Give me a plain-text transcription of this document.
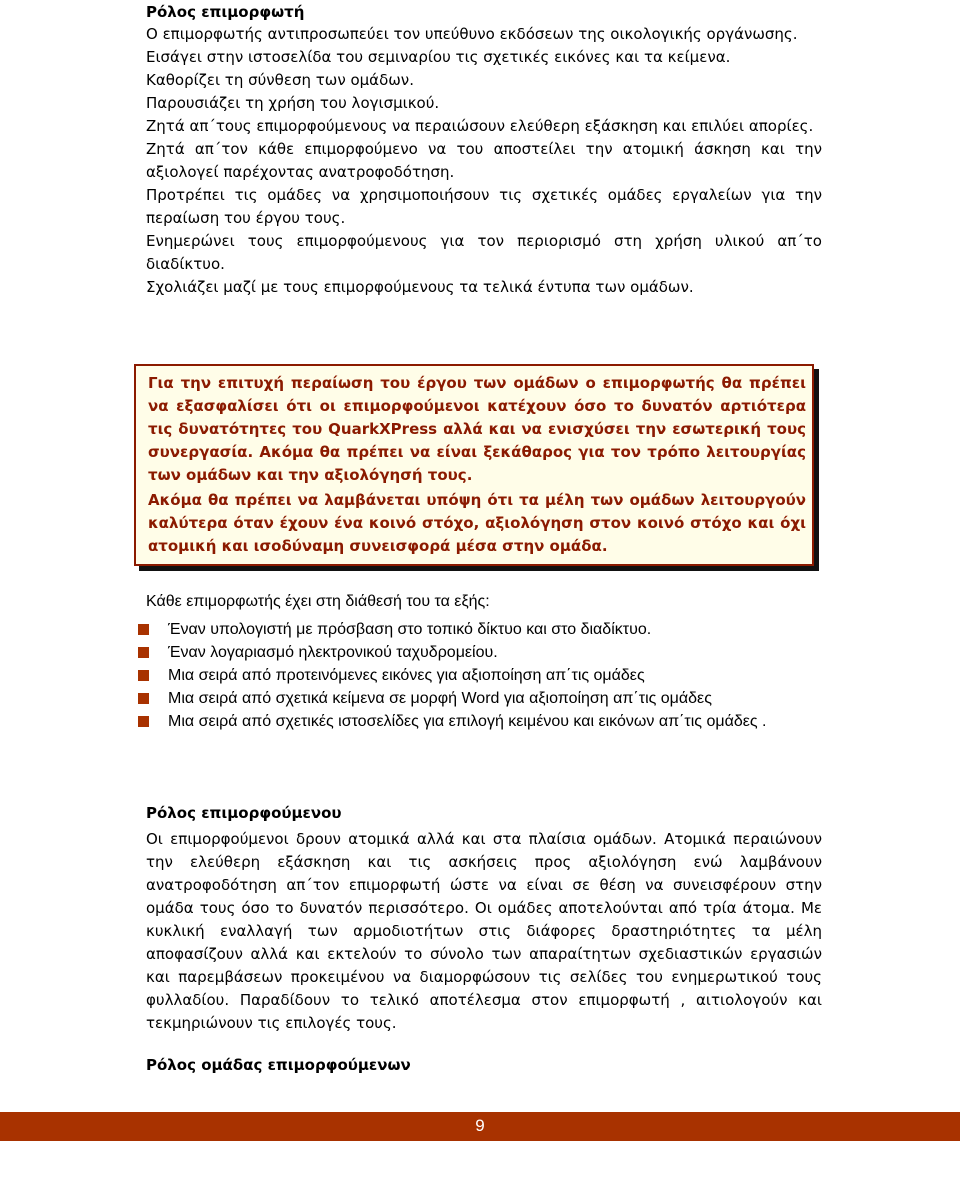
Ρόλος επιμορφωτή

Ο επιμορφωτής αντιπροσωπεύει τον υπεύθυνο εκδόσεων της οικολογικής οργάνωσης.

Εισάγει στην ιστοσελίδα του σεμιναρίου τις σχετικές εικόνες και τα κείμενα.

Καθορίζει τη σύνθεση των ομάδων.

Παρουσιάζει τη χρήση του λογισμικού.

Ζητά απ΄τους επιμορφούμενους να περαιώσουν ελεύθερη εξάσκηση και επιλύει απορίες.

Ζητά απ΄τον κάθε επιμορφούμενο να του αποστείλει την ατομική άσκηση και την αξιολογεί παρέχοντας ανατροφοδότηση.

Προτρέπει τις ομάδες να χρησιμοποιήσουν τις σχετικές ομάδες εργαλείων για την περαίωση του έργου τους.

Ενημερώνει τους επιμορφούμενους για τον περιορισμό στη χρήση υλικού απ΄το διαδίκτυο.

Σχολιάζει μαζί με τους επιμορφούμενους τα τελικά έντυπα των ομάδων.

Για την επιτυχή περαίωση του έργου των ομάδων ο επιμορφωτής θα πρέπει να εξασφαλίσει ότι οι επιμορφούμενοι κατέχουν όσο το δυνατόν αρτιότερα τις δυνατότητες του QuarkXPress αλλά και να ενισχύσει την εσωτερική τους συνεργασία. Ακόμα θα πρέπει να είναι ξεκάθαρος για τον τρόπο λειτουργίας των ομάδων και την αξιολόγησή τους.

Ακόμα θα πρέπει να λαμβάνεται υπόψη ότι τα μέλη των ομάδων λειτουργούν καλύτερα όταν έχουν ένα κοινό στόχο, αξιολόγηση στον κοινό στόχο και όχι ατομική και ισοδύναμη συνεισφορά μέσα στην ομάδα.

Κάθε επιμορφωτής έχει στη διάθεσή του τα εξής:

Έναν υπολογιστή με πρόσβαση στο τοπικό δίκτυο και στο διαδίκτυο.
Έναν λογαριασμό ηλεκτρονικού ταχυδρομείου.
Μια σειρά από προτεινόμενες εικόνες για αξιοποίηση απ΄τις ομάδες
Μια σειρά από σχετικά κείμενα σε μορφή Word για αξιοποίηση απ΄τις ομάδες
Μια σειρά από σχετικές ιστοσελίδες για επιλογή κειμένου και εικόνων απ΄τις ομάδες .

Ρόλος επιμορφούμενου

Οι επιμορφούμενοι δρουν ατομικά αλλά και στα πλαίσια ομάδων. Ατομικά περαιώνουν την ελεύθερη εξάσκηση και τις ασκήσεις προς αξιολόγηση ενώ λαμβάνουν ανατροφοδότηση απ΄τον επιμορφωτή ώστε να είναι σε θέση να συνεισφέρουν στην ομάδα τους όσο το δυνατόν περισσότερο. Οι ομάδες αποτελούνται από τρία άτομα. Με κυκλική εναλλαγή των αρμοδιοτήτων στις διάφορες δραστηριότητες τα μέλη αποφασίζουν αλλά και εκτελούν το σύνολο των απαραίτητων σχεδιαστικών εργασιών και παρεμβάσεων προκειμένου να διαμορφώσουν τις σελίδες του ενημερωτικού τους φυλλαδίου. Παραδίδουν το τελικό αποτέλεσμα στον επιμορφωτή , αιτιολογούν και τεκμηριώνουν τις επιλογές τους.

Ρόλος ομάδας επιμορφούμενων

9
